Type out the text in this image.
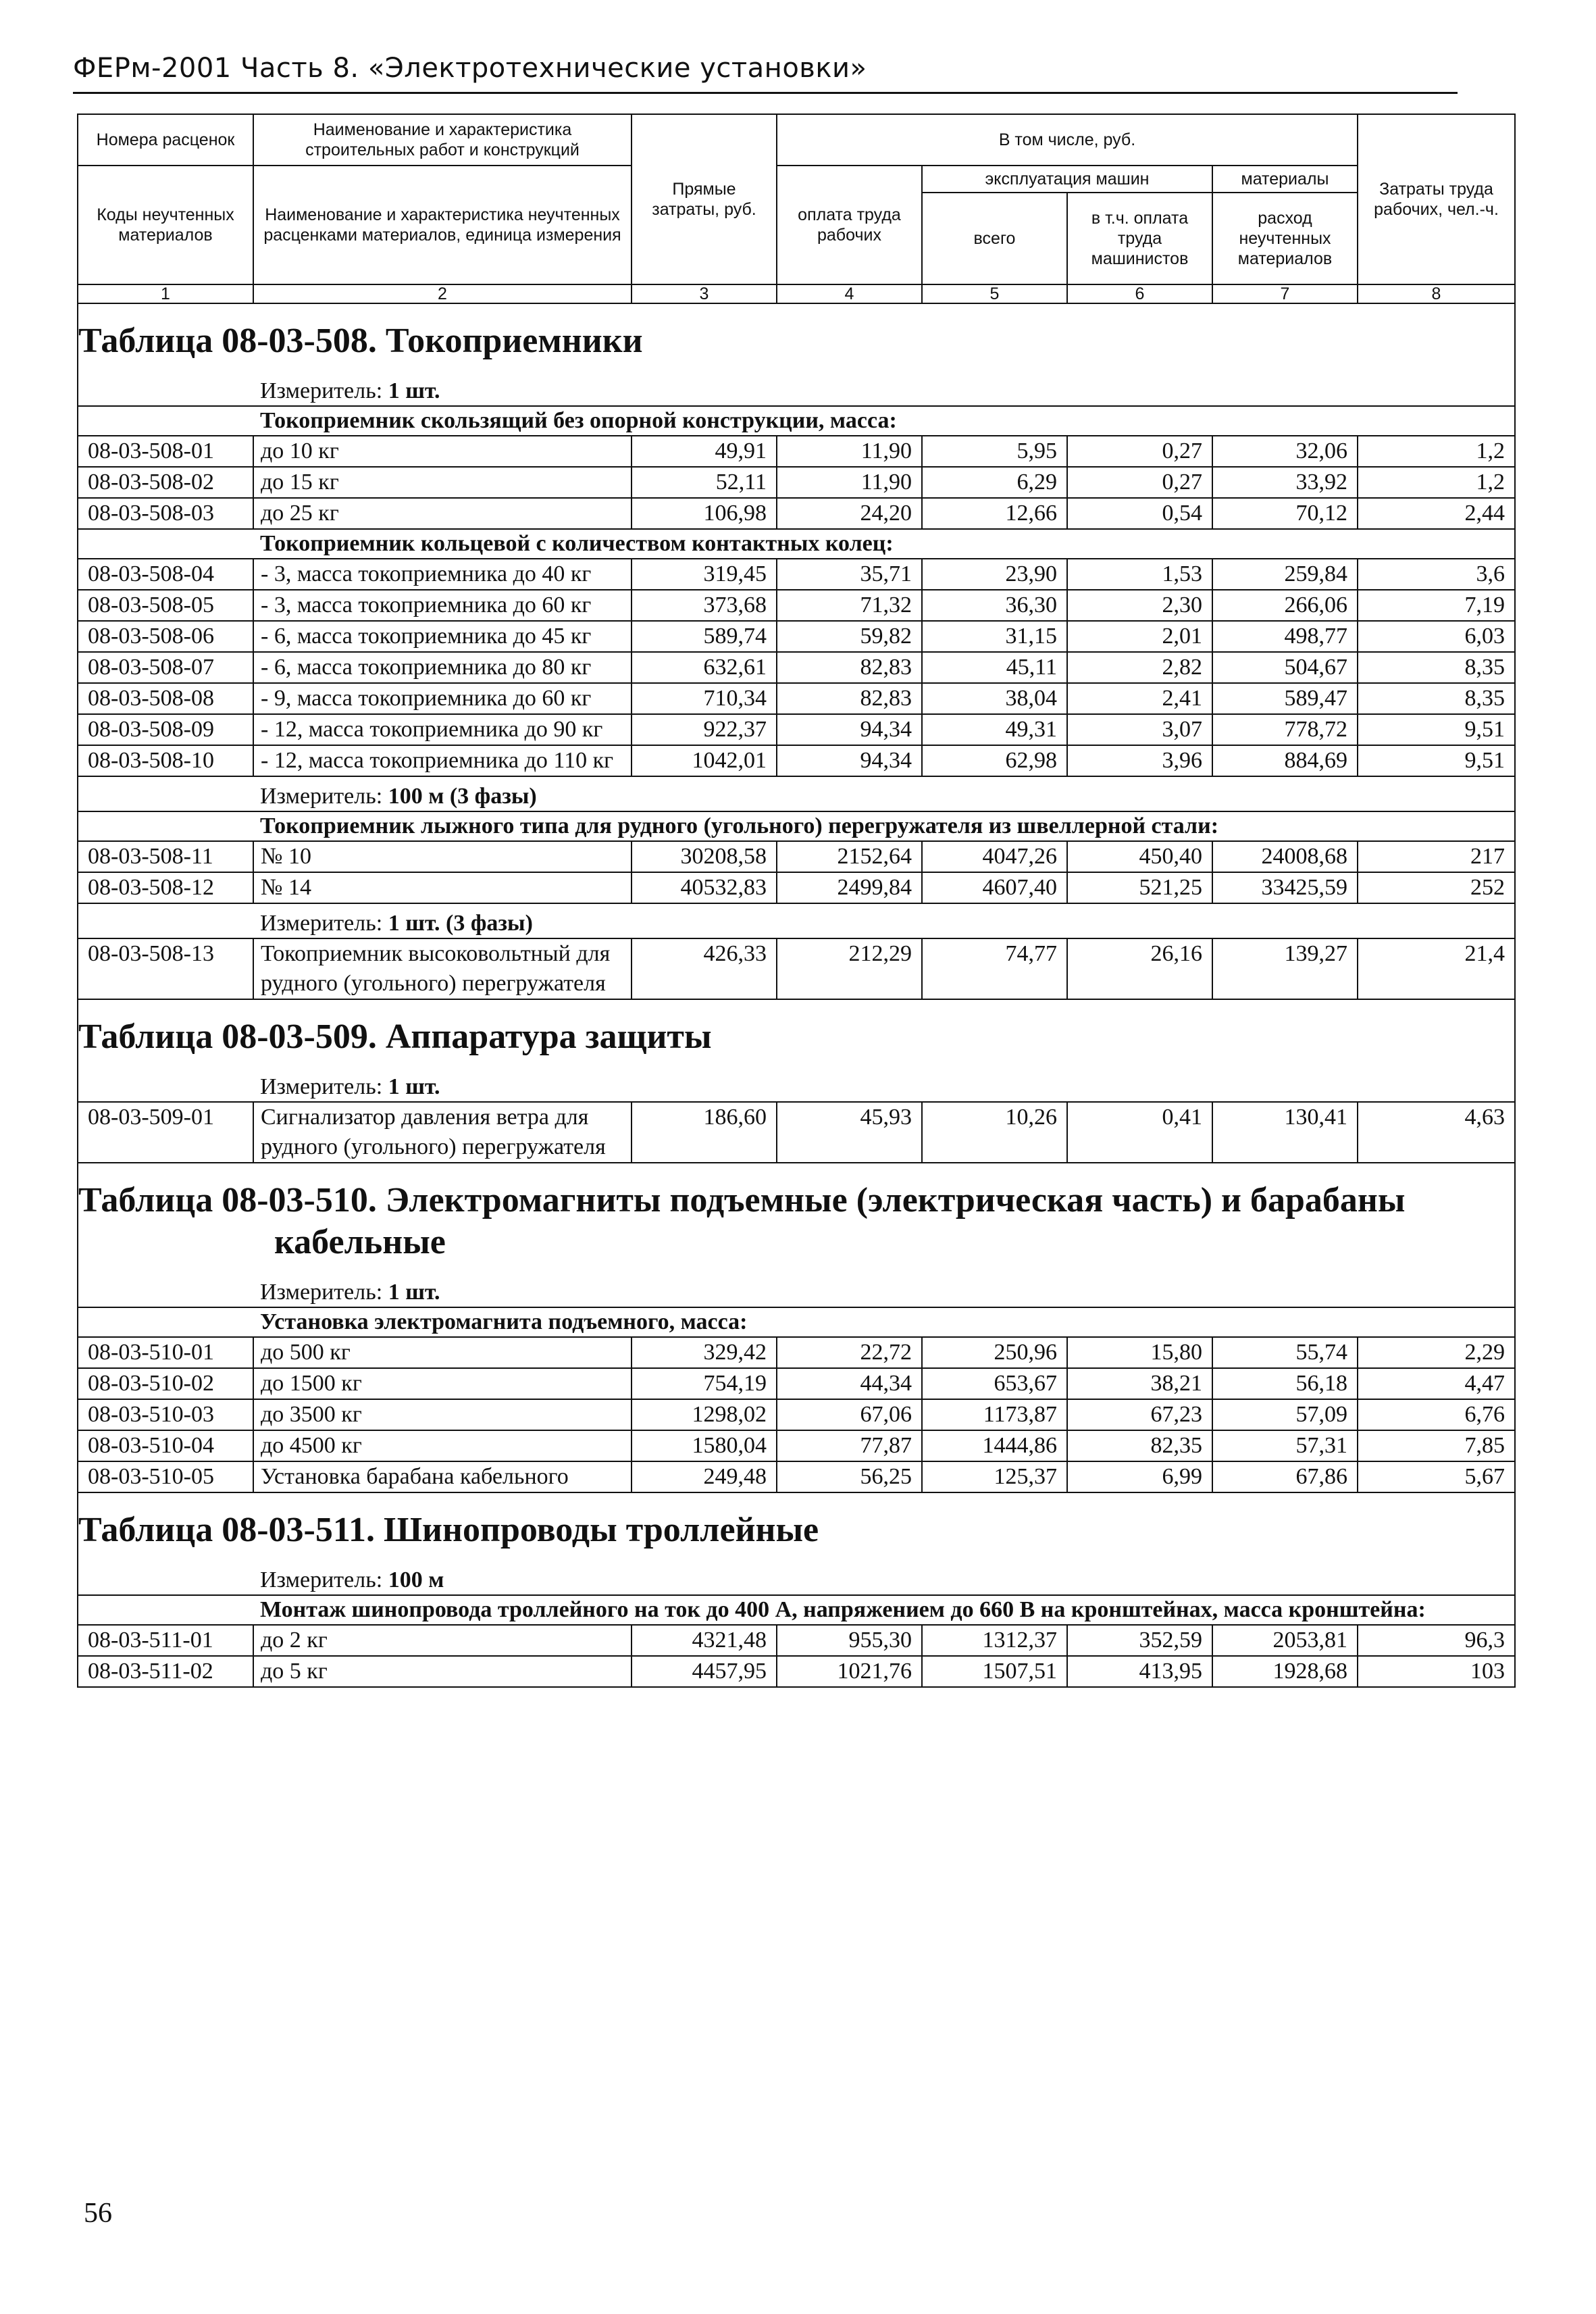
ФЕРм-2001 Часть 8. «Электротехнические установки»
Номера расценок	Наименование и характеристика строительных работ и конструкций	Прямые затраты, руб.	В том числе, руб.				Затраты труда рабочих, чел.-ч.
Коды неучтенных материалов	Наименование и характеристика неучтенных расценками материалов, единица измерения		оплата труда рабочих	эксплуатация машин		материалы	
				всего	в т.ч. оплата труда машинистов	расход неучтенных материалов	
1	2	3	4	5	6	7	8

Таблица 08-03-508. Токоприемники							

	Измеритель: 1 шт.						
	Токоприемник скользящий без опорной конструкции, масса:						
08-03-508-01	до 10 кг	49,91	11,90	5,95	0,27	32,06	1,2
08-03-508-02	до 15 кг	52,11	11,90	6,29	0,27	33,92	1,2
08-03-508-03	до 25 кг	106,98	24,20	12,66	0,54	70,12	2,44
	Токоприемник кольцевой с количеством контактных колец:						
08-03-508-04	- 3, масса токоприемника до 40 кг	319,45	35,71	23,90	1,53	259,84	3,6
08-03-508-05	- 3, масса токоприемника до 60 кг	373,68	71,32	36,30	2,30	266,06	7,19
08-03-508-06	- 6, масса токоприемника до 45 кг	589,74	59,82	31,15	2,01	498,77	6,03
08-03-508-07	- 6, масса токоприемника до 80 кг	632,61	82,83	45,11	2,82	504,67	8,35
08-03-508-08	- 9, масса токоприемника до 60 кг	710,34	82,83	38,04	2,41	589,47	8,35
08-03-508-09	- 12, масса токоприемника до 90 кг	922,37	94,34	49,31	3,07	778,72	9,51
08-03-508-10	- 12, масса токоприемника до 110 кг	1042,01	94,34	62,98	3,96	884,69	9,51
	Измеритель: 100 м (3 фазы)						
	Токоприемник лыжного типа для рудного (угольного) перегружателя из швеллерной стали:						
08-03-508-11	№ 10	30208,58	2152,64	4047,26	450,40	24008,68	217
08-03-508-12	№ 14	40532,83	2499,84	4607,40	521,25	33425,59	252
	Измеритель: 1 шт. (3 фазы)						
08-03-508-13	Токоприемник высоковольтный для рудного (угольного) перегружателя	426,33	212,29	74,77	26,16	139,27	21,4

Таблица 08-03-509. Аппаратура защиты							

	Измеритель: 1 шт.						
08-03-509-01	Сигнализатор давления ветра для рудного (угольного) перегружателя	186,60	45,93	10,26	0,41	130,41	4,63

Таблица 08-03-510. Электромагниты подъемные (электрическая часть) и барабаны кабельные							

	Измеритель: 1 шт.						
	Установка электромагнита подъемного, масса:						
08-03-510-01	до 500 кг	329,42	22,72	250,96	15,80	55,74	2,29
08-03-510-02	до 1500 кг	754,19	44,34	653,67	38,21	56,18	4,47
08-03-510-03	до 3500 кг	1298,02	67,06	1173,87	67,23	57,09	6,76
08-03-510-04	до 4500 кг	1580,04	77,87	1444,86	82,35	57,31	7,85
08-03-510-05	Установка барабана кабельного	249,48	56,25	125,37	6,99	67,86	5,67

Таблица 08-03-511. Шинопроводы троллейные							

	Измеритель: 100 м						
	Монтаж шинопровода троллейного на ток до 400 А, напряжением до 660 В на кронштейнах, масса кронштейна:						
08-03-511-01	до 2 кг	4321,48	955,30	1312,37	352,59	2053,81	96,3
08-03-511-02	до 5 кг	4457,95	1021,76	1507,51	413,95	1928,68	103
56
